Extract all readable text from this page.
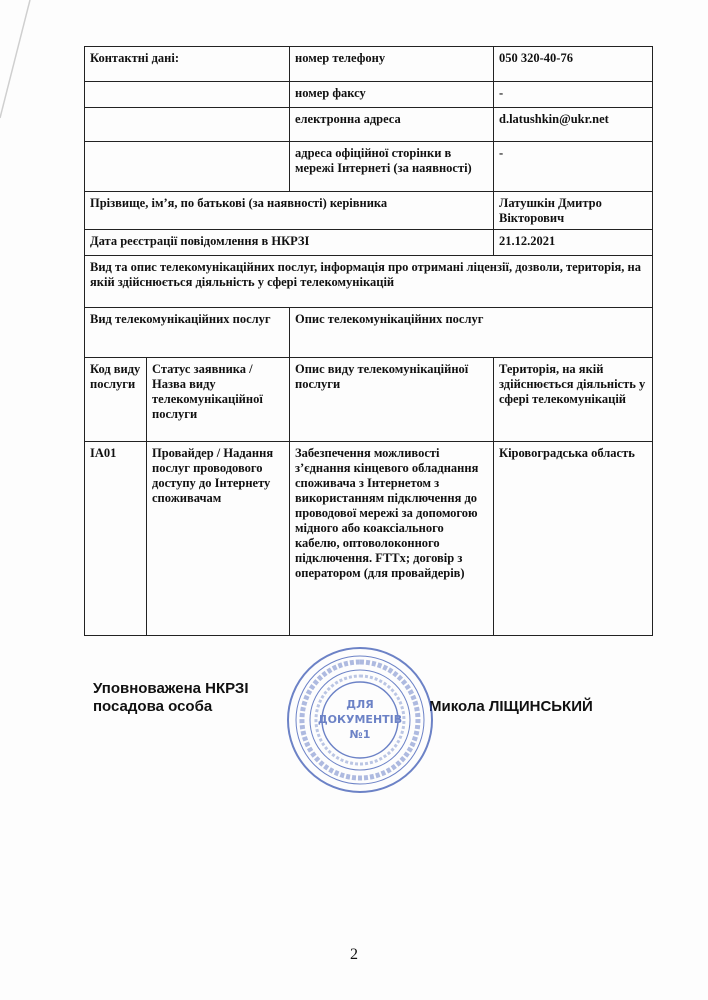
Контактні дані:		номер телефону	050 320-40-76
		номер факсу	-
		електронна адреса	d.latushkin@ukr.net
		адреса офіційної сторінки в мережі Інтернеті (за наявності)	-
Прізвище, ім’я, по батькові (за наявності) керівника			Латушкін Дмитро Вікторович
Дата реєстрації повідомлення в НКРЗІ			21.12.2021
Вид та опис телекомунікаційних послуг, інформація про отримані ліцензії, дозволи, територія, на якій здійснюється діяльність у сфері телекомунікацій			
Вид телекомунікаційних послуг		Опис телекомунікаційних послуг	
Код виду послуги	Статус заявника / Назва виду телекомунікаційної послуги	Опис виду телекомунікаційної послуги	Територія, на якій здійснюється діяльність у сфері телекомунікацій
ІА01	Провайдер / Надання послуг проводового доступу до Інтернету споживачам	Забезпечення можливості з’єднання кінцевого обладнання споживача з Інтернетом з використанням підключення до проводової мережі за допомогою мідного або коаксіального кабелю, оптоволоконного підключення. FTTx; договір з оператором (для провайдерів)	Кіровоградська область
Уповноважена НКРЗІ
посадова особа	Микола ЛІЩИНСЬКИЙ
ДЛЯ
ДОКУМЕНТІВ
№1
2
